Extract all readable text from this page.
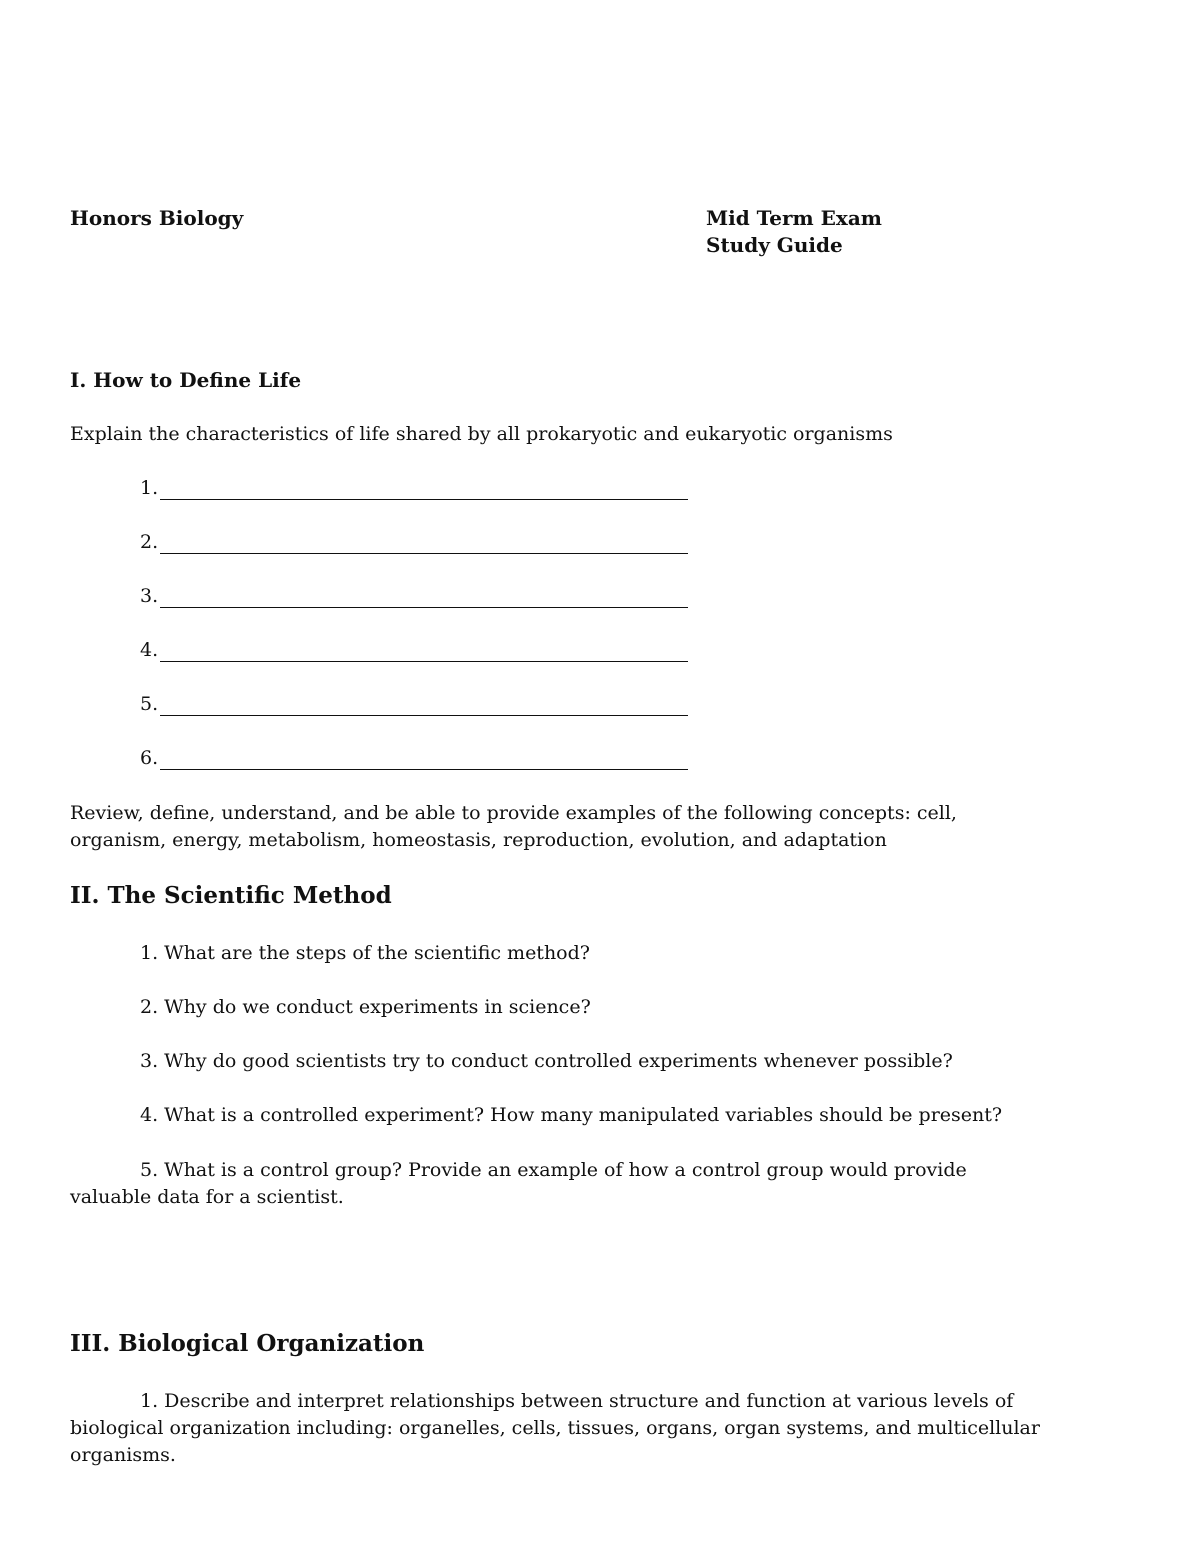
Honors Biology	Mid Term Exam
Study Guide
I. How to Define Life
Explain the characteristics of life shared by all prokaryotic and eukaryotic organisms
1.
2.
3.
4.
5.
6.
Review, define, understand, and be able to provide examples of the following concepts: cell,
organism, energy, metabolism, homeostasis, reproduction, evolution, and adaptation
II. The Scientific Method
1. What are the steps of the scientific method?
2. Why do we conduct experiments in science?
3. Why do good scientists try to conduct controlled experiments whenever possible?
4. What is a controlled experiment? How many manipulated variables should be present?
5. What is a control group? Provide an example of how a control group would provide
valuable data for a scientist.
III. Biological Organization
1. Describe and interpret relationships between structure and function at various levels of
biological organization including: organelles, cells, tissues, organs, organ systems, and multicellular
organisms.
